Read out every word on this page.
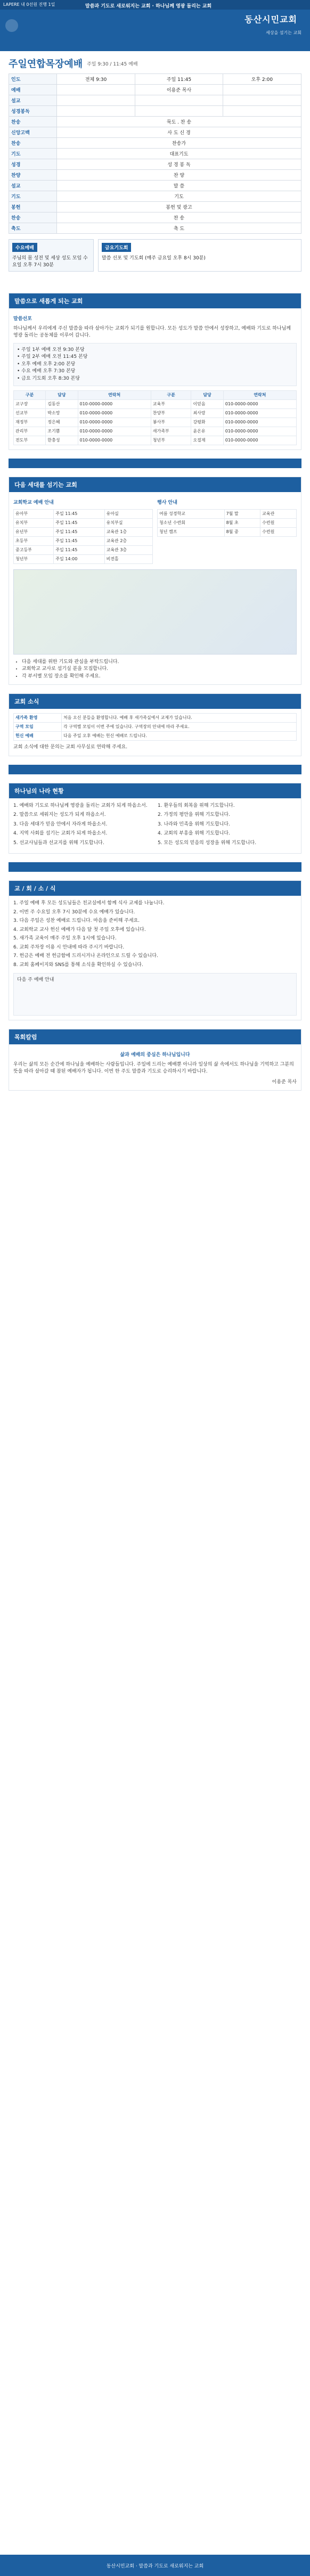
LAPERE 내 0선원 진행 1일	말씀과 기도로 새로워지는 교회 · 하나님께 영광 돌리는 교회
동산시민교회
세상을 섬기는 교회
주일연합목장예배 주일 9:30 / 11:45 예배
인도	전체 9:30	주일 11:45	오후 2:00
예배		이용준 목사	
설교			
성경봉독			
찬송	묵도 . 찬 송		
신앙고백	사 도 신 경		
찬송	찬송가		
기도	대표기도		
성경	성 경 봉 독		
찬양	찬 양		
설교	말 씀		
기도	기도		
봉헌	봉헌 및 광고		
찬송	찬 송		
축도	축 도		
수요예배
주님의 몸 성전 및 세상 성도 모임 수요일 오후 7시 30분
금요기도회
말씀 선포 및 기도회 (매주 금요일 오후 8시 30분)
말씀으로 새롭게 되는 교회
말씀선포

하나님께서 우리에게 주신 말씀을 따라 살아가는 교회가 되기를 원합니다. 모든 성도가 말씀 안에서 성장하고, 예배와 기도로 하나님께 영광 돌리는 공동체를 이루어 갑니다.

• 주일 1부 예배 오전 9:30 본당
• 주일 2부 예배 오전 11:45 본당
• 오후 예배 오후 2:00 본당
• 수요 예배 오후 7:30 본당
• 금요 기도회 오후 8:30 본당
구분	담당	연락처	구분	담당	연락처
교구장	김동산	010-0000-0000	교육부	이믿음	010-0000-0000
선교부	박소망	010-0000-0000	찬양부	최사랑	010-0000-0000
재정부	정은혜	010-0000-0000	봉사부	강평화	010-0000-0000
관리부	조기쁨	010-0000-0000	새가족부	윤온유	010-0000-0000
전도부	한충성	010-0000-0000	청년부	오절제	010-0000-0000
다음 세대를 섬기는 교회
교회학교 예배 안내
유아부	주일 11:45	유아실
유치부	주일 11:45	유치부실
유년부	주일 11:45	교육관 1층
초등부	주일 11:45	교육관 2층
중고등부	주일 11:45	교육관 3층
청년부	주일 14:00	비전홀
행사 안내
여름 성경학교	7월 말	교육관
청소년 수련회	8월 초	수련원
청년 캠프	8월 중	수련원
• 다음 세대를 위한 기도와 관심을 부탁드립니다.
• 교회학교 교사로 섬기실 분을 모집합니다.
• 각 부서별 모임 장소를 확인해 주세요.
교회 소식
새가족 환영	처음 오신 분들을 환영합니다. 예배 후 새가족실에서 교제가 있습니다.
구역 모임	각 구역별 모임이 이번 주에 있습니다. 구역장의 안내에 따라 주세요.
헌신 예배	다음 주일 오후 예배는 헌신 예배로 드립니다.

교회 소식에 대한 문의는 교회 사무실로 연락해 주세요.

하나님의 나라 현황
1. 예배와 기도로 하나님께 영광을 돌리는 교회가 되게 하옵소서.
2. 말씀으로 세워지는 성도가 되게 하옵소서.
3. 다음 세대가 믿음 안에서 자라게 하옵소서.
4. 지역 사회를 섬기는 교회가 되게 하옵소서.
5. 선교사님들과 선교지를 위해 기도합니다.
1. 환우들의 회복을 위해 기도합니다.
2. 가정의 평안을 위해 기도합니다.
3. 나라와 민족을 위해 기도합니다.
4. 교회의 부흥을 위해 기도합니다.
5. 모든 성도의 믿음의 성장을 위해 기도합니다.
교 / 회 / 소 / 식
1. 주일 예배 후 모든 성도님들은 친교실에서 함께 식사 교제를 나눕니다.
2. 이번 주 수요일 오후 7시 30분에 수요 예배가 있습니다.
3. 다음 주일은 성찬 예배로 드립니다. 마음을 준비해 주세요.
4. 교회학교 교사 헌신 예배가 다음 달 첫 주일 오후에 있습니다.
5. 새가족 교육이 매주 주일 오후 1시에 있습니다.
6. 교회 주차장 이용 시 안내에 따라 주시기 바랍니다.
7. 헌금은 예배 전 헌금함에 드리시거나 온라인으로 드릴 수 있습니다.
8. 교회 홈페이지와 SNS를 통해 소식을 확인하실 수 있습니다.
다음 주 예배 안내
목회칼럼
삶과 예배의 중심은 하나님입니다

우리는 삶의 모든 순간에 하나님을 예배하는 사람들입니다. 주일에 드리는 예배뿐 아니라 일상의 삶 속에서도 하나님을 기억하고 그분의 뜻을 따라 살아갈 때 참된 예배자가 됩니다. 이번 한 주도 말씀과 기도로 승리하시기 바랍니다.

이용준 목사

동산시민교회 · 말씀과 기도로 새로워지는 교회
